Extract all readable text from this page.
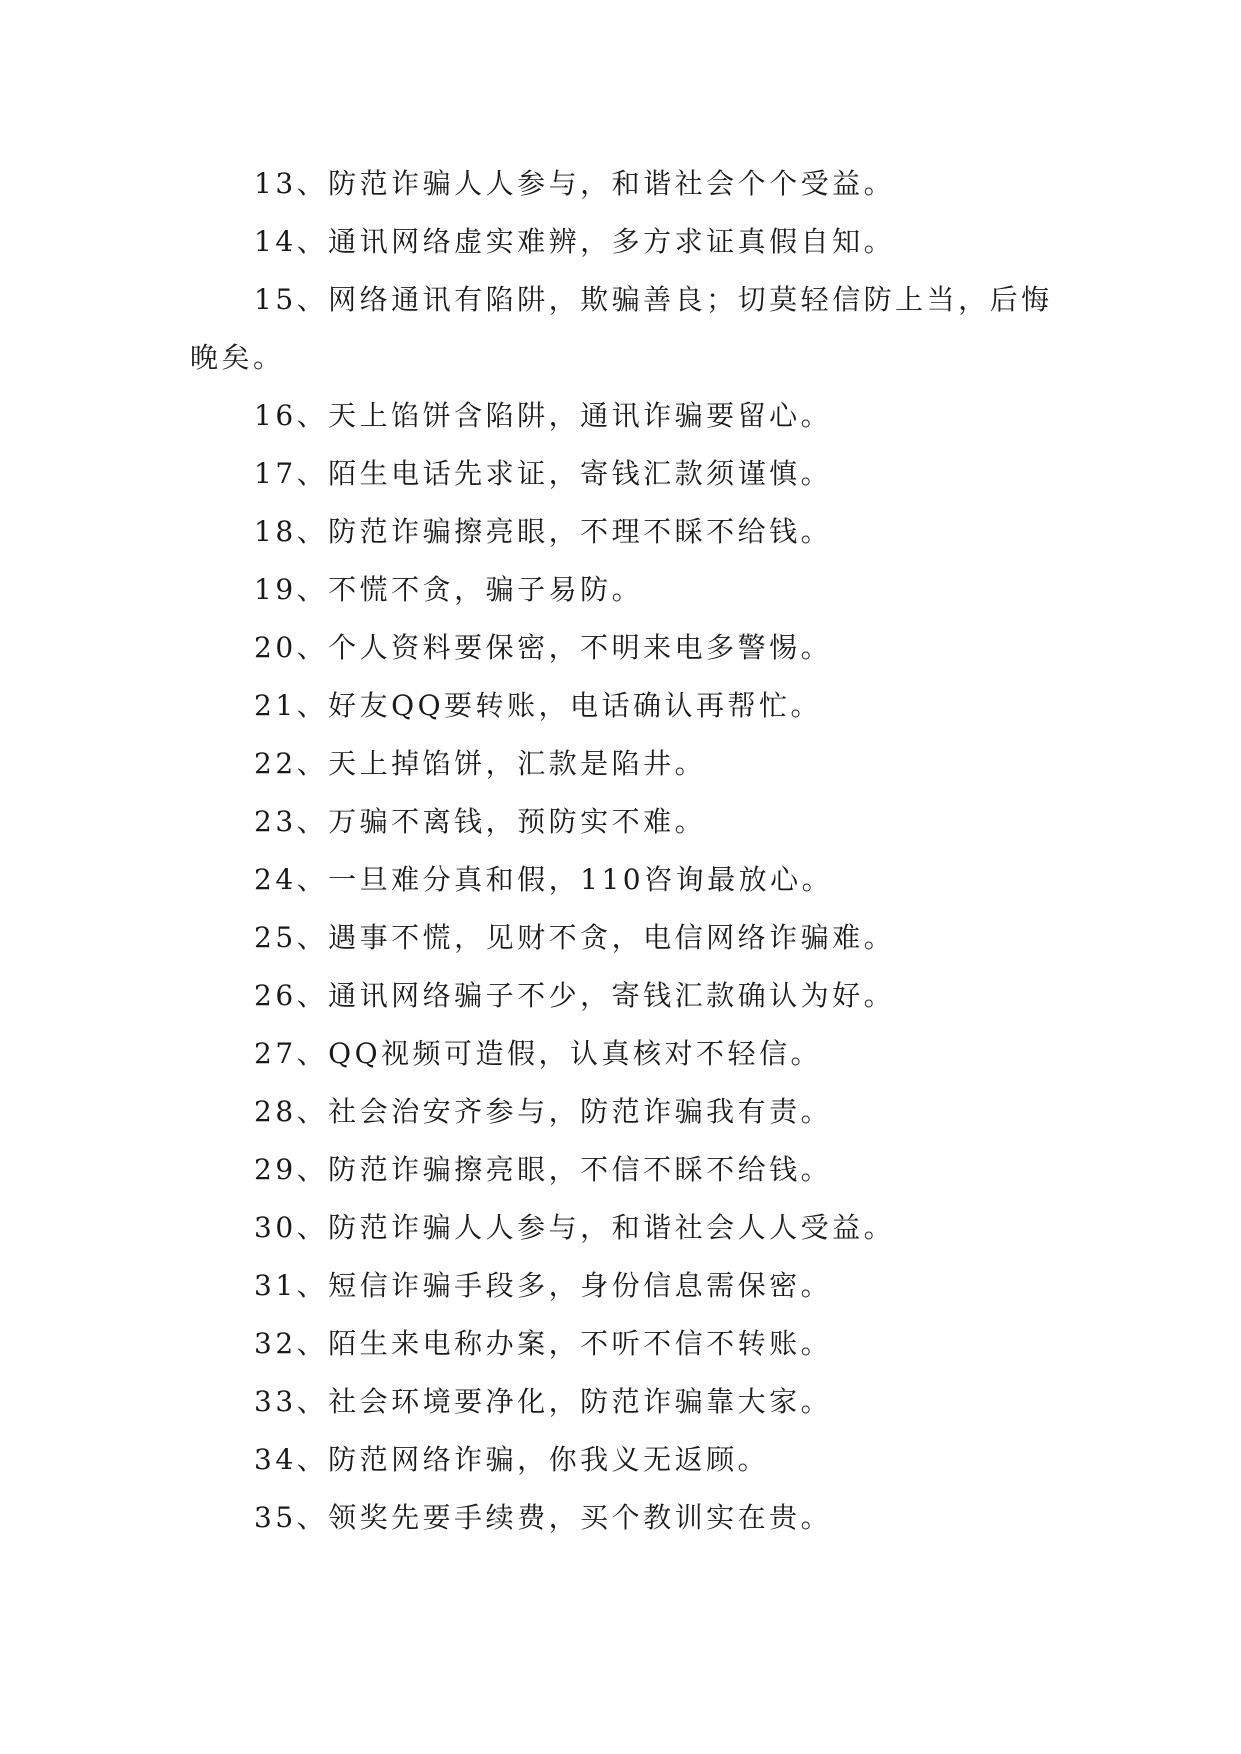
13、防范诈骗人人参与，和谐社会个个受益。

14、通讯网络虚实难辨，多方求证真假自知。

15、网络通讯有陷阱，欺骗善良；切莫轻信防上当，后悔晚矣。

16、天上馅饼含陷阱，通讯诈骗要留心。

17、陌生电话先求证，寄钱汇款须谨慎。

18、防范诈骗擦亮眼，不理不睬不给钱。

19、不慌不贪，骗子易防。

20、个人资料要保密，不明来电多警惕。

21、好友QQ要转账，电话确认再帮忙。

22、天上掉馅饼，汇款是陷井。

23、万骗不离钱，预防实不难。

24、一旦难分真和假，110咨询最放心。

25、遇事不慌，见财不贪，电信网络诈骗难。

26、通讯网络骗子不少，寄钱汇款确认为好。

27、QQ视频可造假，认真核对不轻信。

28、社会治安齐参与，防范诈骗我有责。

29、防范诈骗擦亮眼，不信不睬不给钱。

30、防范诈骗人人参与，和谐社会人人受益。

31、短信诈骗手段多，身份信息需保密。

32、陌生来电称办案，不听不信不转账。

33、社会环境要净化，防范诈骗靠大家。

34、防范网络诈骗，你我义无返顾。

35、领奖先要手续费，买个教训实在贵。
